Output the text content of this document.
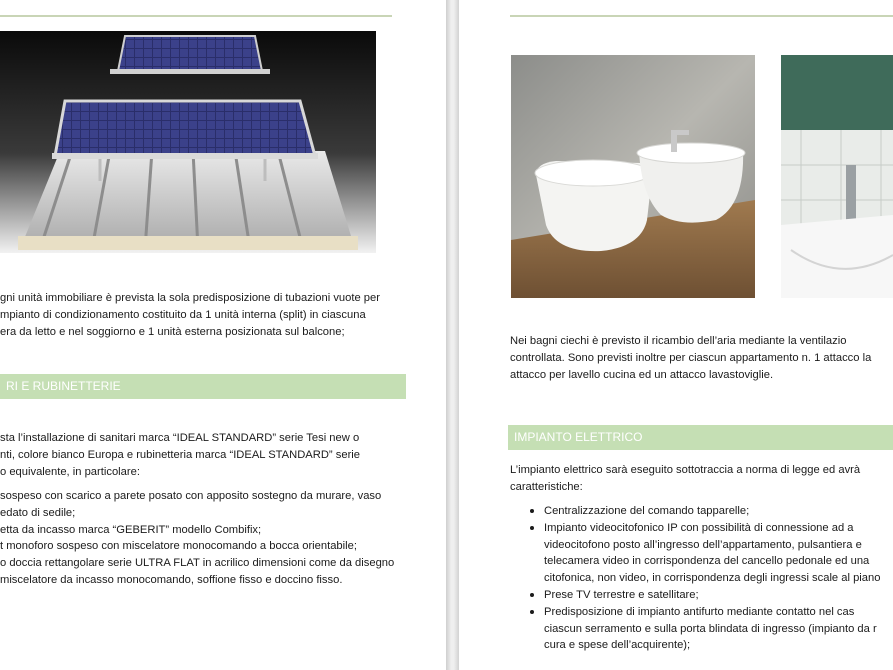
gni unità immobiliare è prevista la sola predisposizione di tubazioni vuote per
mpianto di condizionamento costituito da 1 unità interna (split) in ciascuna
era da letto e nel soggiorno e 1 unità esterna posizionata sul balcone;
RI E RUBINETTERIE
sta l’installazione di sanitari marca “IDEAL STANDARD” serie Tesi new o
nti, colore bianco Europa e rubinetteria marca “IDEAL STANDARD” serie
o equivalente, in particolare:
sospeso con scarico a parete posato con apposito sostegno da murare, vaso
edato di sedile;
etta da incasso marca “GEBERIT” modello Combifix;
t monoforo sospeso con miscelatore monocomando a bocca orientabile;
o doccia rettangolare serie ULTRA FLAT in acrilico dimensioni come da disegno
miscelatore da incasso monocomando, soffione fisso e doccino fisso.
Nei bagni ciechi è previsto il ricambio dell’aria mediante la ventilazio
controllata. Sono previsti inoltre per ciascun appartamento n. 1 attacco la
attacco per lavello cucina ed un attacco lavastoviglie.
IMPIANTO ELETTRICO
L’impianto elettrico sarà eseguito sottotraccia a norma di legge ed avrà
caratteristiche:
Centralizzazione del comando tapparelle;
Impianto videocitofonico IP con possibilità di connessione ad a
videocitofono posto all’ingresso dell’appartamento, pulsantiera e
telecamera video in corrispondenza del cancello pedonale ed una
citofonica, non video, in corrispondenza degli ingressi scale al piano
Prese TV terrestre e satellitare;
Predisposizione di impianto antifurto mediante contatto nel cas
ciascun serramento e sulla porta blindata di ingresso (impianto da r
cura e spese dell’acquirente);
